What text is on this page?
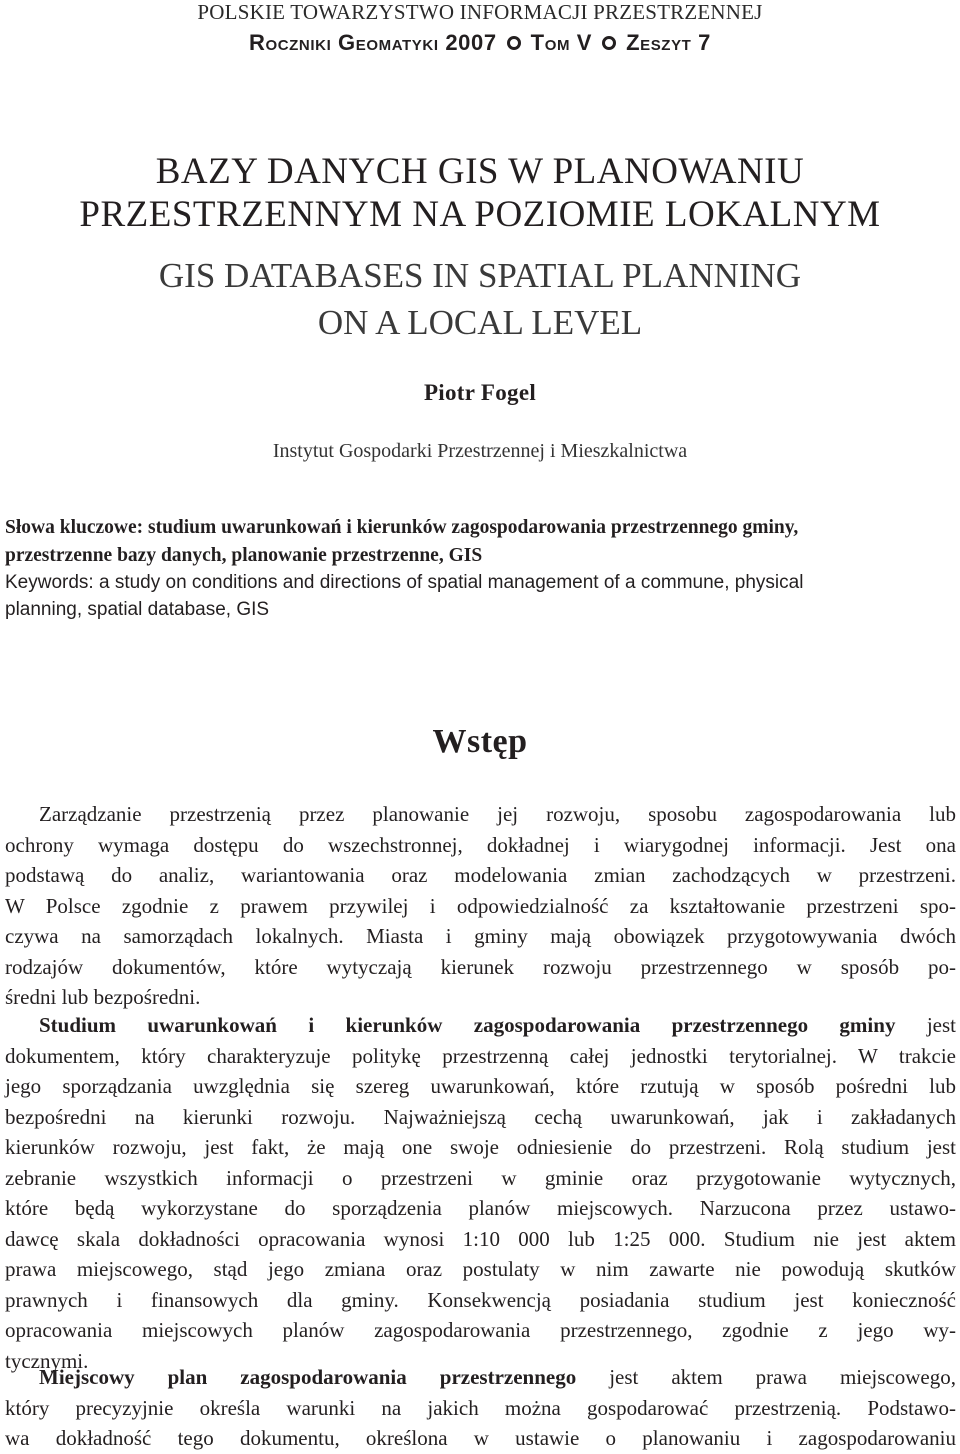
POLSKIE TOWARZYSTWO INFORMACJI PRZESTRZENNEJ
Roczniki Geomatyki 2007 Tom V Zeszyt 7
BAZY DANYCH GIS W PLANOWANIU
PRZESTRZENNYM NA POZIOMIE LOKALNYM
GIS DATABASES IN SPATIAL PLANNING
ON A LOCAL LEVEL
Piotr Fogel
Instytut Gospodarki Przestrzennej i Mieszkalnictwa
Słowa kluczowe: studium uwarunkowań i kierunków zagospodarowania przestrzennego gminy,
przestrzenne bazy danych, planowanie przestrzenne, GIS
Keywords: a study on conditions and directions of spatial management of a commune, physical
planning, spatial database, GIS
Wstęp
Zarządzanie przestrzenią przez planowanie jej rozwoju, sposobu zagospodarowania lub
ochrony wymaga dostępu do wszechstronnej, dokładnej i wiarygodnej informacji. Jest ona
podstawą do analiz, wariantowania oraz modelowania zmian zachodzących w przestrzeni.
W Polsce zgodnie z prawem przywilej i odpowiedzialność za kształtowanie przestrzeni spo-
czywa na samorządach lokalnych. Miasta i gminy mają obowiązek przygotowywania dwóch
rodzajów dokumentów, które wytyczają kierunek rozwoju przestrzennego w sposób po-
średni lub bezpośredni.
Studium uwarunkowań i kierunków zagospodarowania przestrzennego gminy jest
dokumentem, który charakteryzuje politykę przestrzenną całej jednostki terytorialnej. W trakcie
jego sporządzania uwzględnia się szereg uwarunkowań, które rzutują w sposób pośredni lub
bezpośredni na kierunki rozwoju. Najważniejszą cechą uwarunkowań, jak i zakładanych
kierunków rozwoju, jest fakt, że mają one swoje odniesienie do przestrzeni. Rolą studium jest
zebranie wszystkich informacji o przestrzeni w gminie oraz przygotowanie wytycznych,
które będą wykorzystane do sporządzenia planów miejscowych. Narzucona przez ustawo-
dawcę skala dokładności opracowania wynosi 1:10 000 lub 1:25 000. Studium nie jest aktem
prawa miejscowego, stąd jego zmiana oraz postulaty w nim zawarte nie powodują skutków
prawnych i finansowych dla gminy. Konsekwencją posiadania studium jest konieczność
opracowania miejscowych planów zagospodarowania przestrzennego, zgodnie z jego wy-
tycznymi.
Miejscowy plan zagospodarowania przestrzennego jest aktem prawa miejscowego,
który precyzyjnie określa warunki na jakich można gospodarować przestrzenią. Podstawo-
wa dokładność tego dokumentu, określona w ustawie o planowaniu i zagospodarowaniu
